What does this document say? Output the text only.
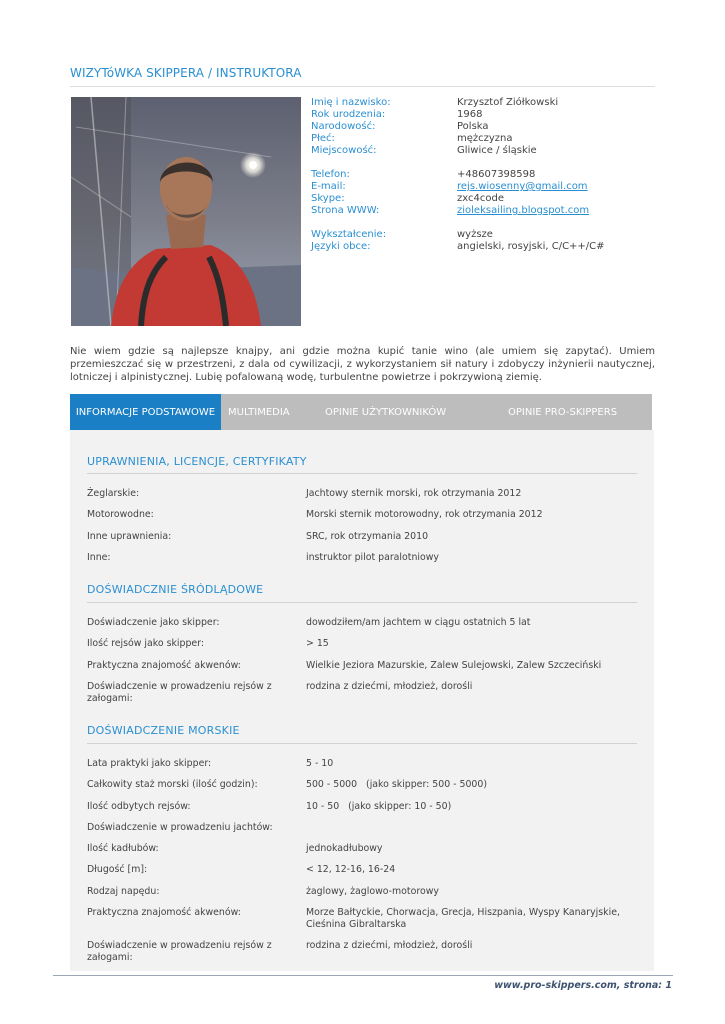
WIZYTóWKA SKIPPERA / INSTRUKTORA
Imię i nazwisko:	Krzysztof Ziółkowski
Rok urodzenia:	1968
Narodowość:	Polska
Płeć:	mężczyzna
Miejscowość:	Gliwice / śląskie
Telefon:	+48607398598
E-mail:	rejs.wiosenny@gmail.com
Skype:	zxc4code
Strona WWW:	zioleksailing.blogspot.com
Wykształcenie:	wyższe
Języki obce:	angielski, rosyjski, C/C++/C#
Nie wiem gdzie są najlepsze knajpy, ani gdzie można kupić tanie wino (ale umiem się zapytać). Umiem przemieszczać się w przestrzeni, z dala od cywilizacji, z wykorzystaniem sił natury i zdobyczy inżynierii nautycznej, lotniczej i alpinistycznej. Lubię pofalowaną wodę, turbulentne powietrze i pokrzywioną ziemię.
INFORMACJE PODSTAWOWE	MULTIMEDIA	OPINIE UŻYTKOWNIKÓW	OPINIE PRO-SKIPPERS
UPRAWNIENIA, LICENCJE, CERTYFIKATY
Żeglarskie:	Jachtowy sternik morski, rok otrzymania 2012
Motorowodne:	Morski sternik motorowodny, rok otrzymania 2012
Inne uprawnienia:	SRC, rok otrzymania 2010
Inne:	instruktor pilot paralotniowy
DOŚWIADCZNIE ŚRÓDLĄDOWE
Doświadczenie jako skipper:	dowodziłem/am jachtem w ciągu ostatnich 5 lat
Ilość rejsów jako skipper:	> 15
Praktyczna znajomość akwenów:	Wielkie Jeziora Mazurskie, Zalew Sulejowski, Zalew Szczeciński
Doświadczenie w prowadzeniu rejsów z załogami:
rodzina z dziećmi, młodzież, dorośli
DOŚWIADCZENIE MORSKIE
Lata praktyki jako skipper:	5 - 10
Całkowity staż morski (ilość godzin):	500 - 5000   (jako skipper: 500 - 5000)
Ilość odbytych rejsów:	10 - 50   (jako skipper: 10 - 50)
Doświadczenie w prowadzeniu jachtów:
Ilość kadłubów:	jednokadłubowy
Długość [m]:	< 12, 12-16, 16-24
Rodzaj napędu:	żaglowy, żaglowo-motorowy
Praktyczna znajomość akwenów:	Morze Bałtyckie, Chorwacja, Grecja, Hiszpania, Wyspy Kanaryjskie, Cieśnina Gibraltarska
Doświadczenie w prowadzeniu rejsów z załogami:
rodzina z dziećmi, młodzież, dorośli
www.pro-skippers.com, strona: 1
